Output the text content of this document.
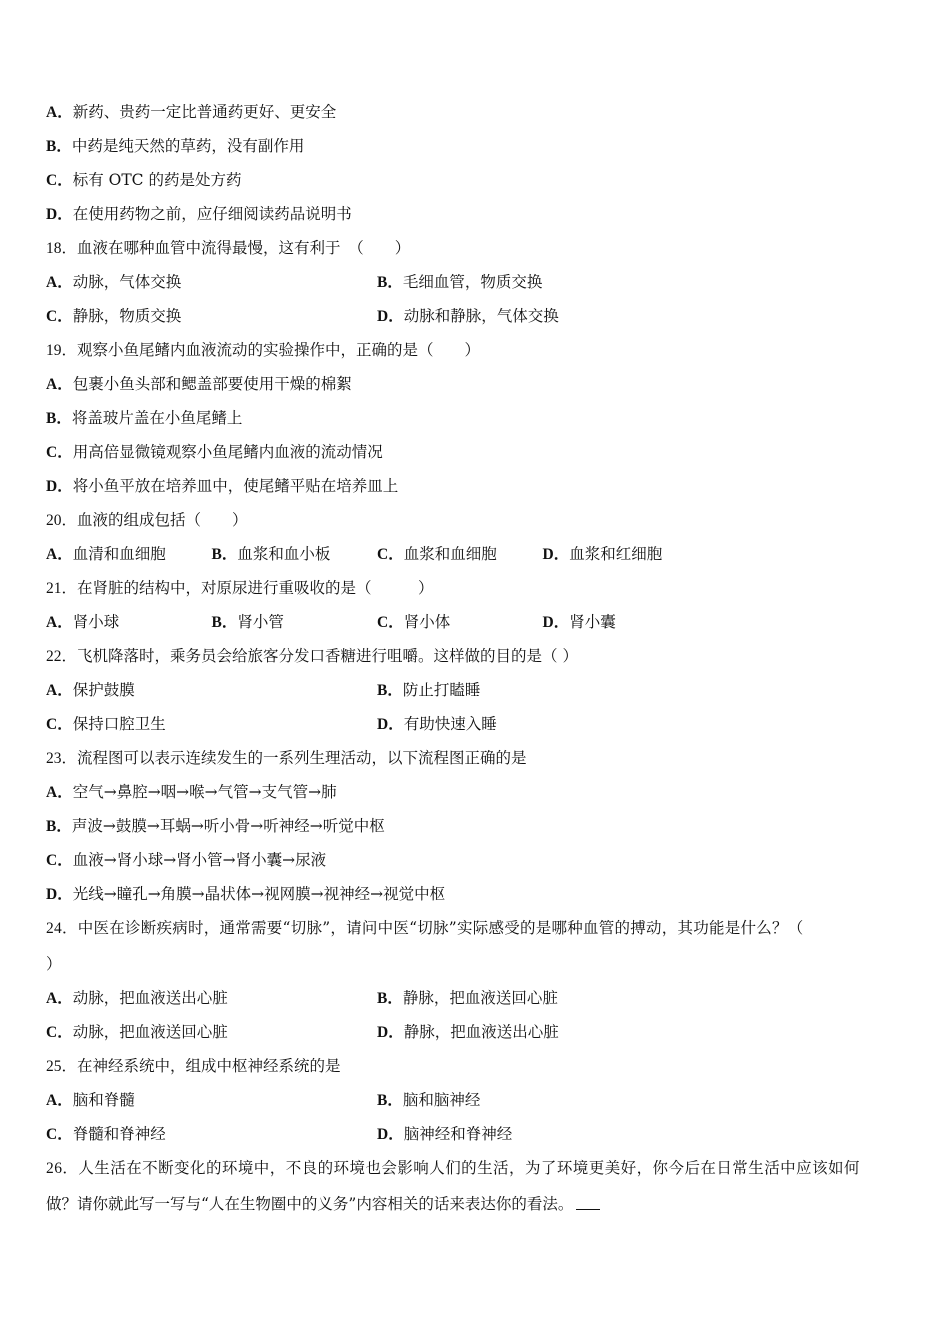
A．新药、贵药一定比普通药更好、更安全
B．中药是纯天然的草药，没有副作用
C．标有 OTC 的药是处方药
D．在使用药物之前，应仔细阅读药品说明书
18．血液在哪种血管中流得最慢，这有利于　（　　）
A．动脉，气体交换	B．毛细血管，物质交换
C．静脉，物质交换	D．动脉和静脉，气体交换
19．观察小鱼尾鳍内血液流动的实验操作中，正确的是（　　）
A．包裹小鱼头部和鳃盖部要使用干燥的棉絮
B．将盖玻片盖在小鱼尾鳍上
C．用高倍显微镜观察小鱼尾鳍内血液的流动情况
D．将小鱼平放在培养皿中，使尾鳍平贴在培养皿上
20．血液的组成包括（　　）
A．血清和血细胞	B．血浆和血小板	C．血浆和血细胞	D．血浆和红细胞
21．在肾脏的结构中，对原尿进行重吸收的是（　　　）
A．肾小球	B．肾小管	C．肾小体	D．肾小囊
22．飞机降落时，乘务员会给旅客分发口香糖进行咀嚼。这样做的目的是（ ）
A．保护鼓膜	B．防止打瞌睡
C．保持口腔卫生	D．有助快速入睡
23．流程图可以表示连续发生的一系列生理活动，以下流程图正确的是
A．空气→鼻腔→咽→喉→气管→支气管→肺
B．声波→鼓膜→耳蜗→听小骨→听神经→听觉中枢
C．血液→肾小球→肾小管→肾小囊→尿液
D．光线→瞳孔→角膜→晶状体→视网膜→视神经→视觉中枢
24．中医在诊断疾病时，通常需要“切脉”，请问中医“切脉”实际感受的是哪种血管的搏动，其功能是什么？（
）
A．动脉，把血液送出心脏	B．静脉，把血液送回心脏
C．动脉，把血液送回心脏	D．静脉，把血液送出心脏
25．在神经系统中，组成中枢神经系统的是
A．脑和脊髓	B．脑和脑神经
C．脊髓和脊神经	D．脑神经和脊神经
26．人生活在不断变化的环境中，不良的环境也会影响人们的生活，为了环境更美好，你今后在日常生活中应该如何
做？请你就此写一写与“人在生物圈中的义务”内容相关的话来表达你的看法。
